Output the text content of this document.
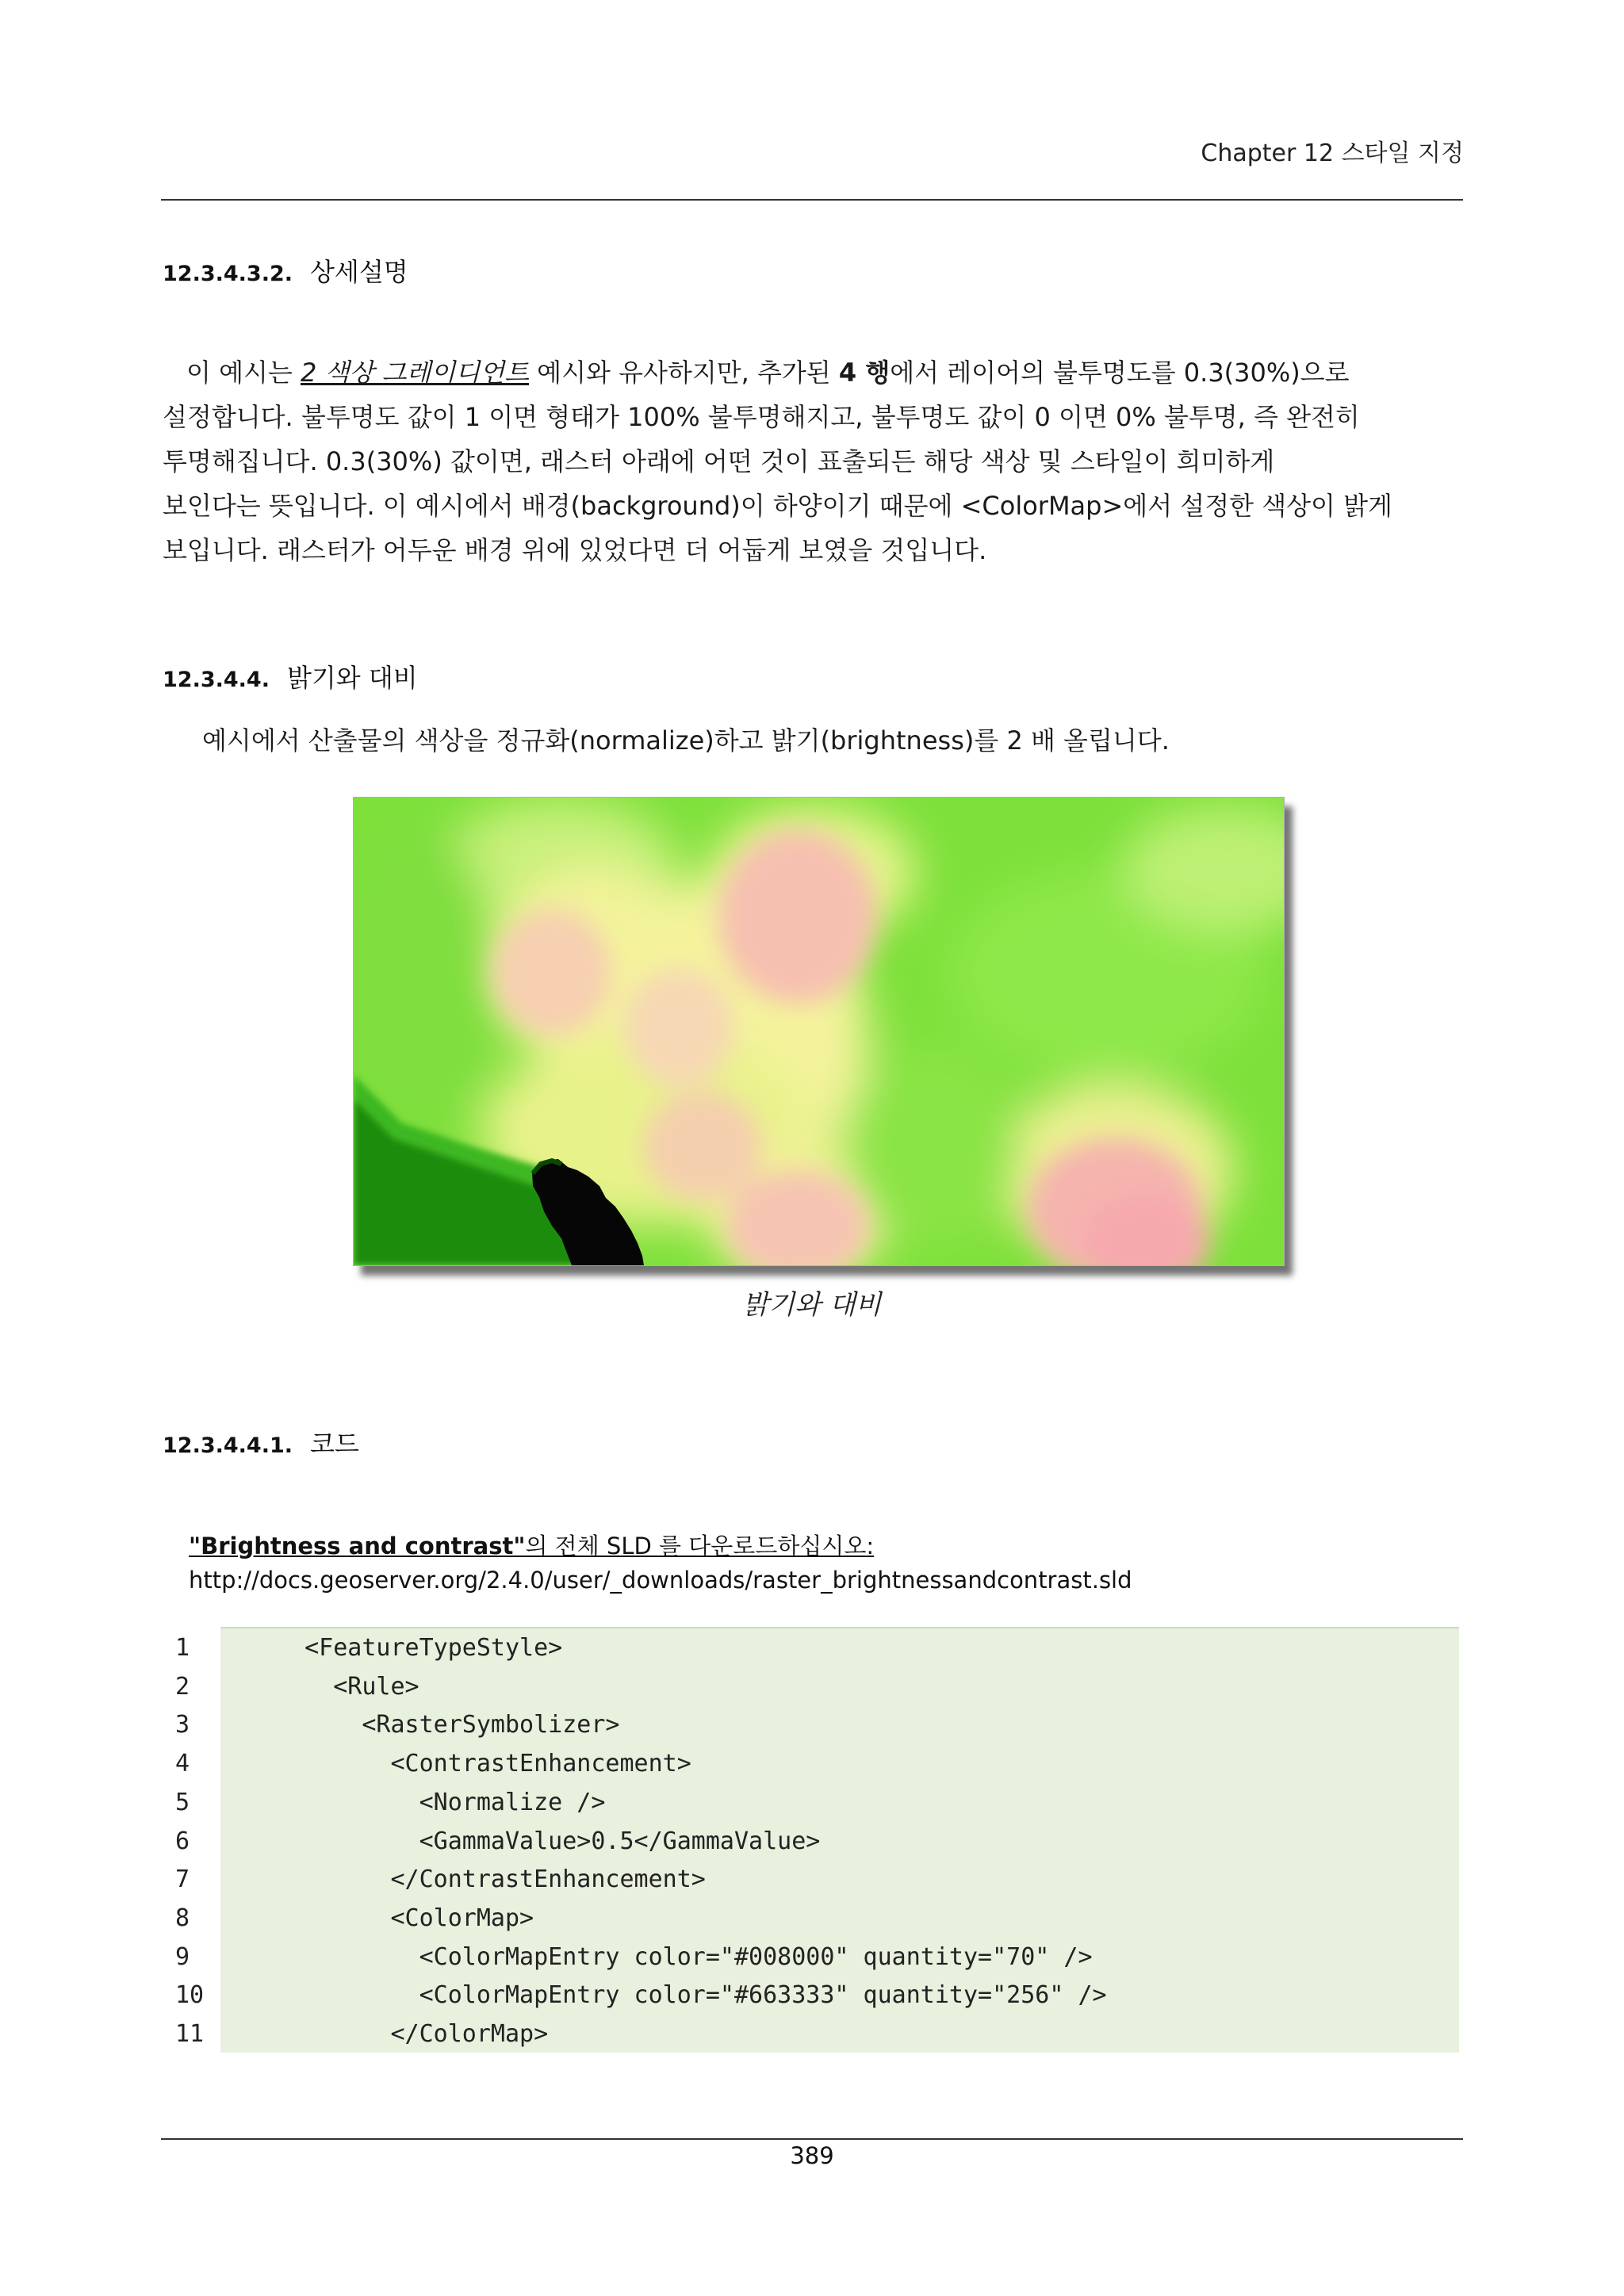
Chapter 12 스타일 지정
12.3.4.3.2. 상세설명
이 예시는 2 색상 그레이디언트 예시와 유사하지만, 추가된 4 행에서 레이어의 불투명도를 0.3(30%)으로
설정합니다. 불투명도 값이 1 이면 형태가 100% 불투명해지고, 불투명도 값이 0 이면 0% 불투명, 즉 완전히
투명해집니다. 0.3(30%) 값이면, 래스터 아래에 어떤 것이 표출되든 해당 색상 및 스타일이 희미하게
보인다는 뜻입니다. 이 예시에서 배경(background)이 하양이기 때문에 <ColorMap>에서 설정한 색상이 밝게
보입니다. 래스터가 어두운 배경 위에 있었다면 더 어둡게 보였을 것입니다.
12.3.4.4. 밝기와 대비
예시에서 산출물의 색상을 정규화(normalize)하고 밝기(brightness)를 2 배 올립니다.
밝기와 대비
12.3.4.4.1. 코드
"Brightness and contrast"의 전체 SLD 를 다운로드하십시오:
http://docs.geoserver.org/2.4.0/user/_downloads/raster_brightnessandcontrast.sld
1	<FeatureTypeStyle>
2	<Rule>
3	<RasterSymbolizer>
4	<ContrastEnhancement>
5	<Normalize />
6	<GammaValue>0.5</GammaValue>
7	</ContrastEnhancement>
8	<ColorMap>
9	<ColorMapEntry color="#008000" quantity="70" />
10	<ColorMapEntry color="#663333" quantity="256" />
11	</ColorMap>
389
